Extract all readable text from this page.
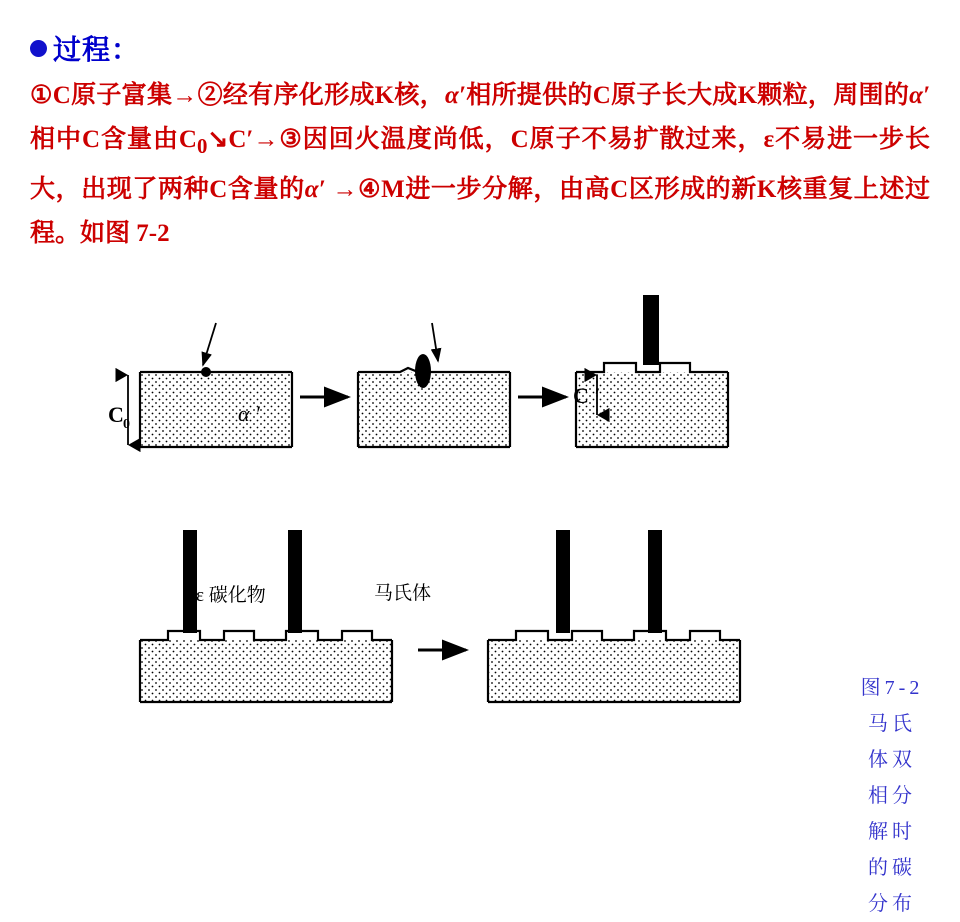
过程：
①C原子富集→②经有序化形成K核，α′相所提供的C原子长大成K颗粒，周围的α′相中C含量由$C_0↘C'\to ③$因回火温度尚低，C原子不易扩散过来，ε不易进一步长大，出现了两种C含量的α′ →④M进一步分解，由高C区形成的新K核重复上述过程。如图 7-2
ε 碳化物	马氏体
C 0	α ′
C ′
图7-2
马氏
体双
相分
解时
的碳
分布
